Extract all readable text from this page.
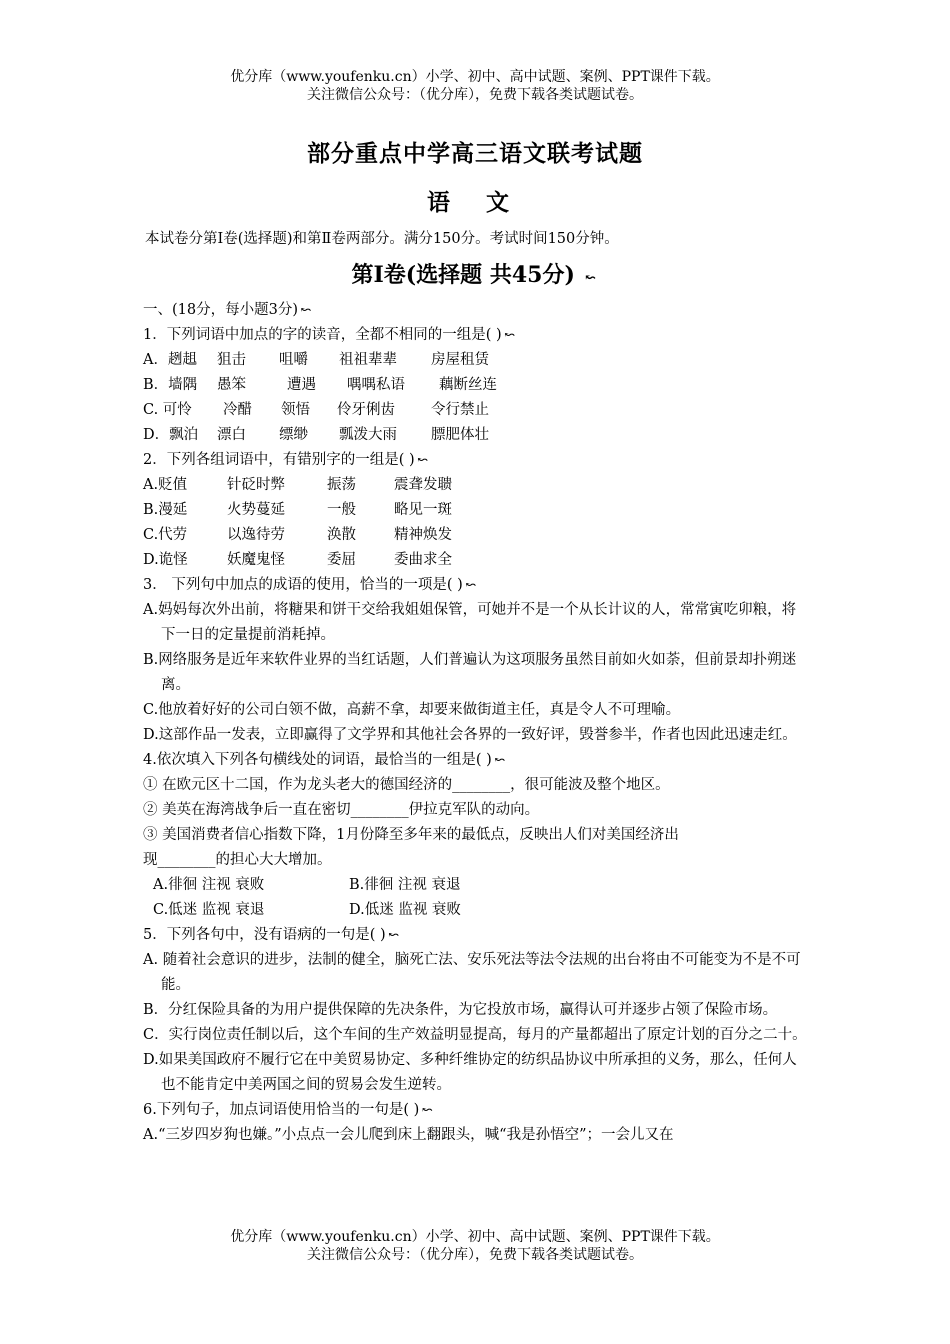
优分库（www.youfenku.cn）小学、初中、高中试题、案例、PPT课件下载。
关注微信公众号：（优分库），免费下载各类试题试卷。
部分重点中学高三语文联考试题
语 文
本试卷分第Ⅰ卷(选择题)和第Ⅱ卷两部分。满分150分。考试时间150分钟。
第Ⅰ卷(选择题 共45分) ↜
一、(18分，每小题3分) ↜
1．下列词语中加点的字的读音，全都不相同的一组是( ) ↜
A．趔趄 狙击 咀嚼 祖祖辈辈 房屋租赁
B．墙隅 愚笨	遭遇 喁喁私语 藕断丝连
C. 可怜 冷醋 领悟 伶牙俐齿 令行禁止
D．飘泊 漂白 缥缈 瓢泼大雨 膘肥体壮
2．下列各组词语中，有错别字的一组是( ) ↜
A.贬值	针砭时弊	振荡	震聋发聩
B.漫延	火势蔓延	一般	略见一斑
C.代劳	以逸待劳	涣散	精神焕发
D.诡怪	妖魔鬼怪	委屈	委曲求全
3． 下列句中加点的成语的使用，恰当的一项是( ) ↜
A.妈妈每次外出前，将糖果和饼干交给我姐姐保管，可她并不是一个从长计议的人，常常寅吃卯粮，将下一日的定量提前消耗掉。
B.网络服务是近年来软件业界的当红话题，人们普遍认为这项服务虽然目前如火如荼，但前景却扑朔迷离。
C.他放着好好的公司白领不做，高薪不拿，却要来做街道主任，真是令人不可理喻。
D.这部作品一发表，立即赢得了文学界和其他社会各界的一致好评，毁誉参半，作者也因此迅速走红。
4.依次填入下列各句横线处的词语，最恰当的一组是( ) ↜
① 在欧元区十二国，作为龙头老大的德国经济的________，很可能波及整个地区。
② 美英在海湾战争后一直在密切________伊拉克军队的动向。
③ 美国消费者信心指数下降，1月份降至多年来的最低点，反映出人们对美国经济出
现________的担心大大增加。
A.徘徊 注视 衰败	B.徘徊 注视 衰退
C.低迷 监视 衰退	D.低迷 监视 衰败
5．下列各句中，没有语病的一句是( ) ↜
A. 随着社会意识的进步，法制的健全，脑死亡法、安乐死法等法令法规的出台将由不可能变为不是不可能。
B．分红保险具备的为用户提供保障的先决条件，为它投放市场，赢得认可并逐步占领了保险市场。
C．实行岗位责任制以后，这个车间的生产效益明显提高，每月的产量都超出了原定计划的百分之二十。
D.如果美国政府不履行它在中美贸易协定、多种纤维协定的纺织品协议中所承担的义务，那么，任何人也不能肯定中美两国之间的贸易会发生逆转。
6.下列句子，加点词语使用恰当的一句是( ) ↜
A.“三岁四岁狗也嫌。”小点点一会儿爬到床上翻跟头，喊“我是孙悟空”；一会儿又在
优分库（www.youfenku.cn）小学、初中、高中试题、案例、PPT课件下载。
关注微信公众号：（优分库），免费下载各类试题试卷。
